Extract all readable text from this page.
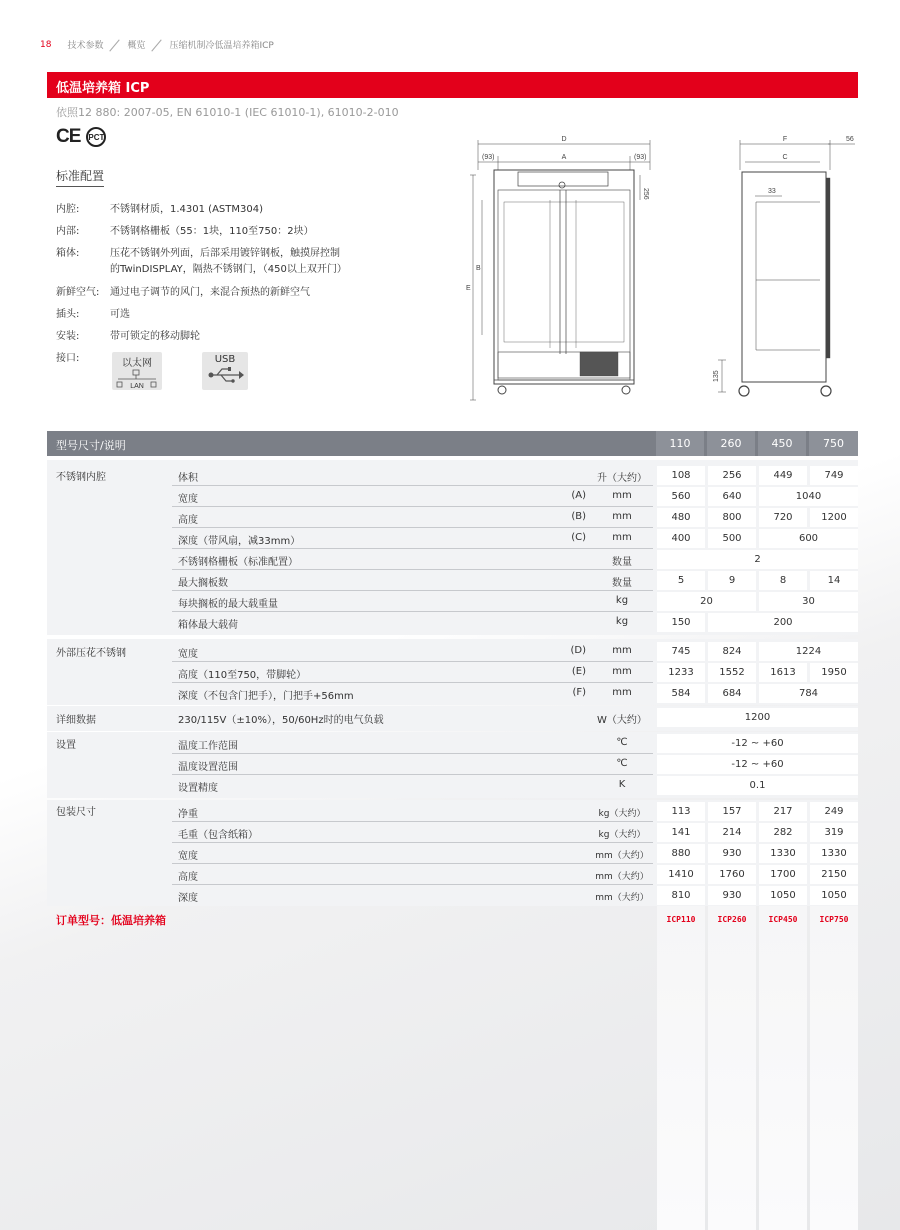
18 技术参数	概览	压缩机制冷低温培养箱ICP
低温培养箱 ICP
依照12 880: 2007-05, EN 61010-1 (IEC 61010-1), 61010-2-010
CE PCT
标准配置
内腔:	不锈钢材质，1.4301 (ASTM304)
内部:	不锈钢格栅板（55：1块，110至750：2块）
箱体:	压花不锈钢外列面，后部采用镀锌钢板，触摸屏控制
的TwinDISPLAY，隔热不锈钢门，（450以上双开门）
新鲜空气: 通过电子调节的风门，来混合预热的新鲜空气
插头:	可选
安装:	带可锁定的移动脚轮
接口:	以太网
LAN
USB
D
A
(93)	(93)
256
B
E
F
C
56
33
135
型号尺寸/说明	110	260	450	750
不锈钢内腔
外部压花不锈钢
详细数据
设置
包装尺寸
体积	升（大约）	108	256	449	749
宽度	(A)	mm	560	640	1040
高度	(B)	mm	480	800	720	1200
深度（带风扇，减33mm）	(C)	mm	400	500	600
不锈钢格栅板（标准配置）	数量	2
最大搁板数	数量	5	9	8	14
每块搁板的最大载重量	kg	20	30
箱体最大载荷	kg	150	200
宽度	(D)	mm	745	824	1224
高度（110至750，带脚轮）	(E)	mm	1233	1552	1613	1950
深度（不包含门把手），门把手+56mm	(F)	mm	584	684	784
230/115V（±10%），50/60Hz时的电气负载	W（大约）	1200
温度工作范围	℃	-12 ~ +60
温度设置范围	℃	-12 ~ +60
设置精度	K	0.1
净重	kg（大约）	113	157	217	249
毛重（包含纸箱）	kg（大约）	141	214	282	319
宽度	mm（大约）	880	930	1330	1330
高度	mm（大约）	1410	1760	1700	2150
深度	mm（大约）	810	930	1050	1050
订单型号：低温培养箱	ICP110	ICP260	ICP450	ICP750
